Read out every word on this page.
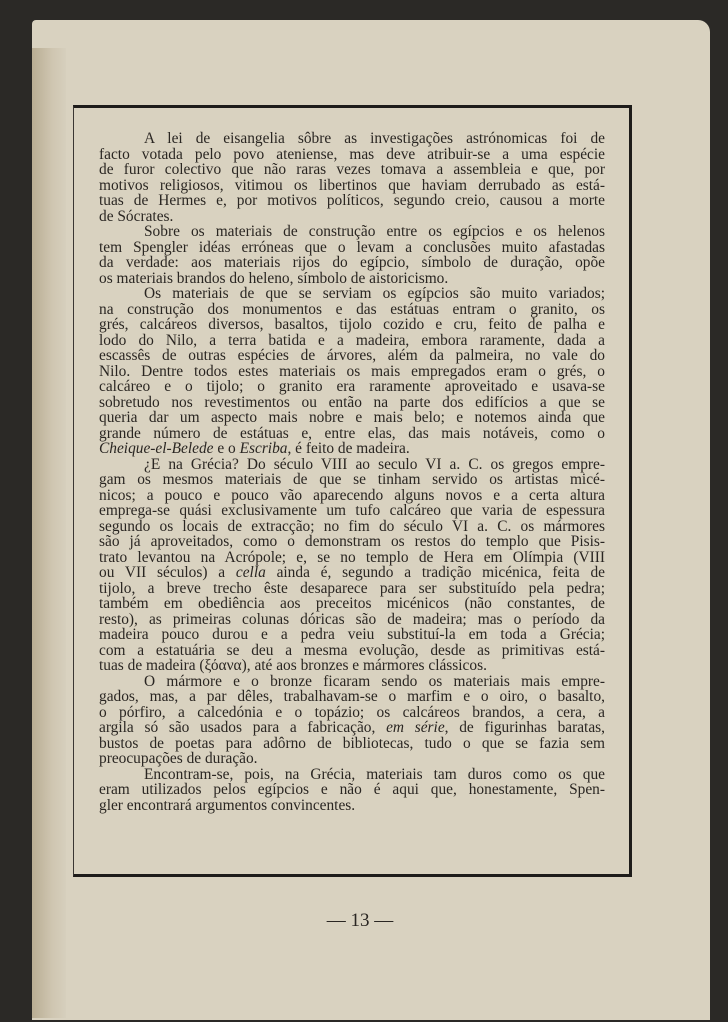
A lei de eisangelia sôbre as investigações astrónomicas foi de
facto votada pelo povo ateniense, mas deve atribuir-se a uma espécie
de furor colectivo que não raras vezes tomava a assembleia e que, por
motivos religiosos, vitimou os libertinos que haviam derrubado as está-
tuas de Hermes e, por motivos políticos, segundo creio, causou a morte
de Sócrates.
Sobre os materiais de construção entre os egípcios e os helenos
tem Spengler idéas erróneas que o levam a conclusões muito afastadas
da verdade: aos materiais rijos do egípcio, símbolo de duração, opõe
os materiais brandos do heleno, símbolo de aistoricismo.
Os materiais de que se serviam os egípcios são muito variados;
na construção dos monumentos e das estátuas entram o granito, os
grés, calcáreos diversos, basaltos, tijolo cozido e cru, feito de palha e
lodo do Nilo, a terra batida e a madeira, embora raramente, dada a
escassês de outras espécies de árvores, além da palmeira, no vale do
Nilo. Dentre todos estes materiais os mais empregados eram o grés, o
calcáreo e o tijolo; o granito era raramente aproveitado e usava-se
sobretudo nos revestimentos ou então na parte dos edifícios a que se
queria dar um aspecto mais nobre e mais belo; e notemos ainda que
grande número de estátuas e, entre elas, das mais notáveis, como o
Cheique-el-Belede e o Escriba, é feito de madeira.
¿E na Grécia? Do século VIII ao seculo VI a. C. os gregos empre-
gam os mesmos materiais de que se tinham servido os artistas micé-
nicos; a pouco e pouco vão aparecendo alguns novos e a certa altura
emprega-se quási exclusivamente um tufo calcáreo que varia de espessura
segundo os locais de extracção; no fim do século VI a. C. os mármores
são já aproveitados, como o demonstram os restos do templo que Pisis-
trato levantou na Acrópole; e, se no templo de Hera em Olímpia (VIII
ou VII séculos) a cella ainda é, segundo a tradição micénica, feita de
tijolo, a breve trecho êste desaparece para ser substituído pela pedra;
também em obediência aos preceitos micénicos (não constantes, de
resto), as primeiras colunas dóricas são de madeira; mas o período da
madeira pouco durou e a pedra veiu substituí-la em toda a Grécia;
com a estatuária se deu a mesma evolução, desde as primitivas está-
tuas de madeira (ξόανα), até aos bronzes e mármores clássicos.
O mármore e o bronze ficaram sendo os materiais mais empre-
gados, mas, a par dêles, trabalhavam-se o marfim e o oiro, o basalto,
o pórfiro, a calcedónia e o topázio; os calcáreos brandos, a cera, a
argila só são usados para a fabricação, em série, de figurinhas baratas,
bustos de poetas para adôrno de bibliotecas, tudo o que se fazia sem
preocupações de duração.
Encontram-se, pois, na Grécia, materiais tam duros como os que
eram utilizados pelos egípcios e não é aqui que, honestamente, Spen-
gler encontrará argumentos convincentes.
— 13 —
